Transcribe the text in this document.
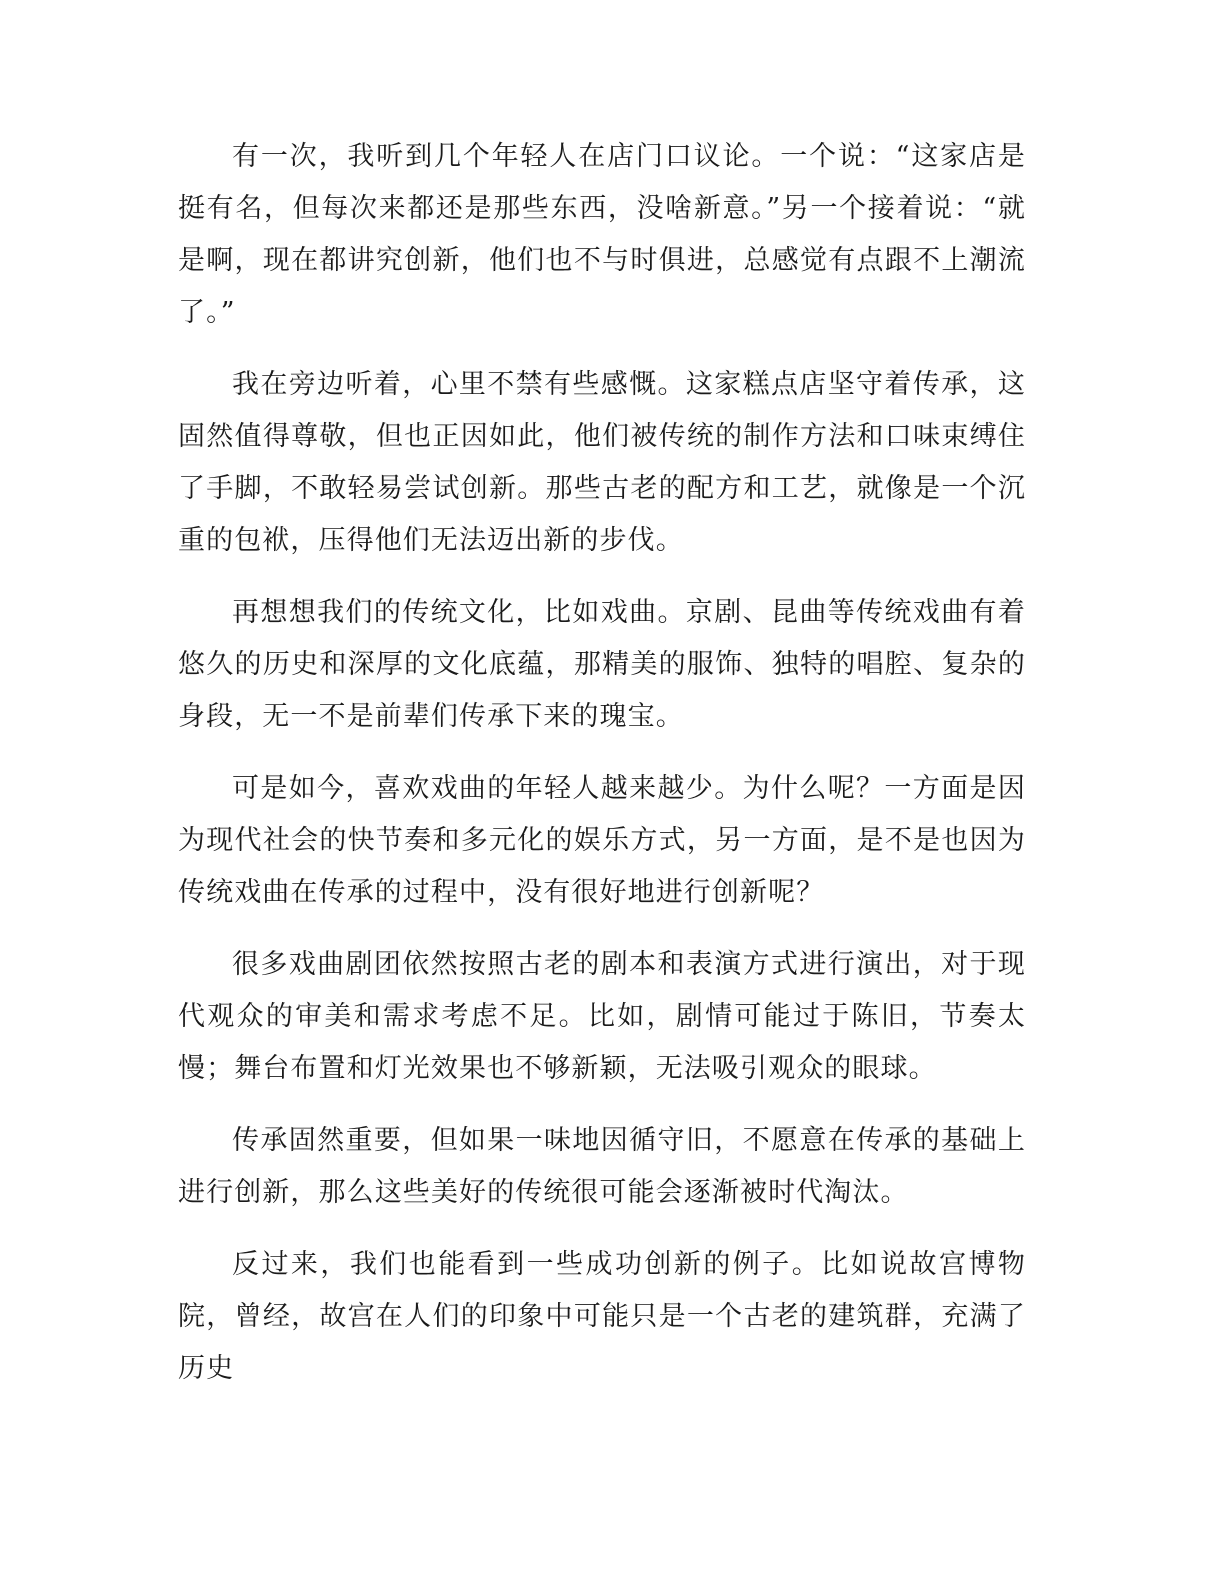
有一次，我听到几个年轻人在店门口议论。一个说：“这家店是挺有名，但每次来都还是那些东西，没啥新意。”另一个接着说：“就是啊，现在都讲究创新，他们也不与时俱进，总感觉有点跟不上潮流了。”

我在旁边听着，心里不禁有些感慨。这家糕点店坚守着传承，这固然值得尊敬，但也正因如此，他们被传统的制作方法和口味束缚住了手脚，不敢轻易尝试创新。那些古老的配方和工艺，就像是一个沉重的包袱，压得他们无法迈出新的步伐。

再想想我们的传统文化，比如戏曲。京剧、昆曲等传统戏曲有着悠久的历史和深厚的文化底蕴，那精美的服饰、独特的唱腔、复杂的身段，无一不是前辈们传承下来的瑰宝。

可是如今，喜欢戏曲的年轻人越来越少。为什么呢？一方面是因为现代社会的快节奏和多元化的娱乐方式，另一方面，是不是也因为传统戏曲在传承的过程中，没有很好地进行创新呢？

很多戏曲剧团依然按照古老的剧本和表演方式进行演出，对于现代观众的审美和需求考虑不足。比如，剧情可能过于陈旧，节奏太慢；舞台布置和灯光效果也不够新颖，无法吸引观众的眼球。

传承固然重要，但如果一味地因循守旧，不愿意在传承的基础上进行创新，那么这些美好的传统很可能会逐渐被时代淘汰。

反过来，我们也能看到一些成功创新的例子。比如说故宫博物院，曾经，故宫在人们的印象中可能只是一个古老的建筑群，充满了历史
